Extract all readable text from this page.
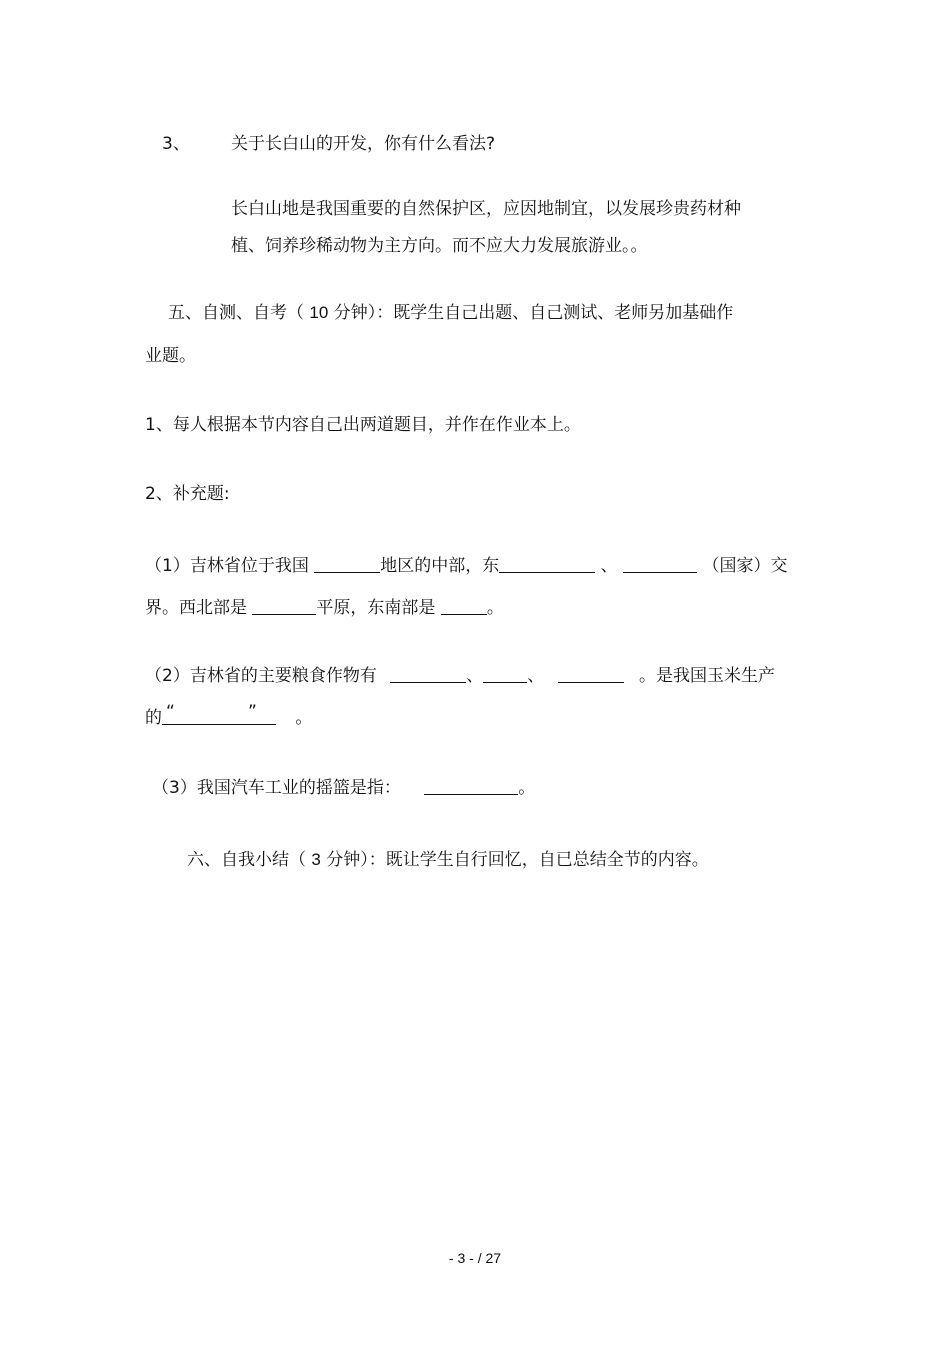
3、 关于长白山的开发，你有什么看法?
长白山地是我国重要的自然保护区，应因地制宜，以发展珍贵药材种
植、饲养珍稀动物为主方向。而不应大力发展旅游业。。
五、自测、自考（ 10 分钟）：既学生自己出题、自己测试、老师另加基础作
业题。
1、每人根据本节内容自己出两道题目，并作在作业本上。
2、补充题:
（1）吉林省位于我国	地区的中部，东	、	（国家）交
界。西北部是	平原，东南部是	。
（2）吉林省的主要粮食作物有	、	、	。是我国玉米生产
的 “	” 。
（3）我国汽车工业的摇篮是指：	。
六、自我小结（ 3 分钟）：既让学生自行回忆，自已总结全节的内容。
- 3 - / 27
